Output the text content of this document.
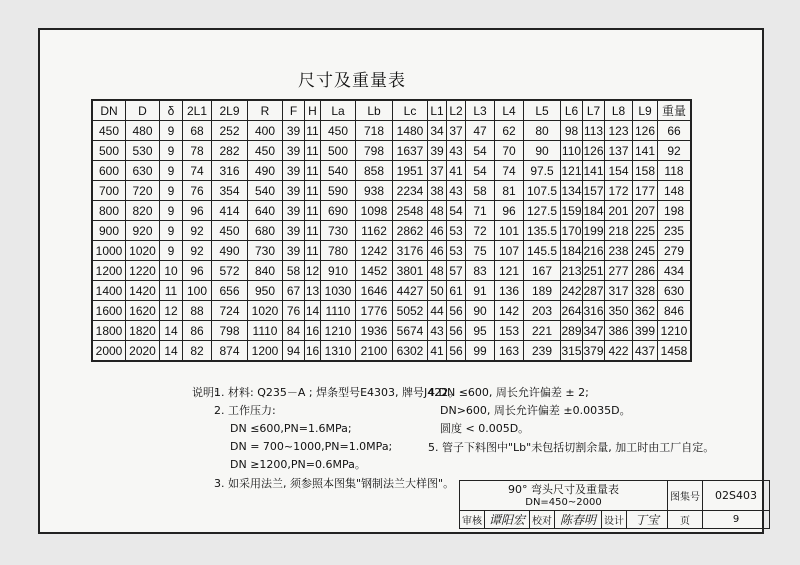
尺寸及重量表
DN	D	δ	2L1	2L9	R	F	H	La	Lb	Lc	L1	L2	L3	L4	L5	L6	L7	L8	L9	重量
450	480	9	68	252	400	39	11	450	718	1480	34	37	47	62	80	98	113	123	126	66
500	530	9	78	282	450	39	11	500	798	1637	39	43	54	70	90	110	126	137	141	92
600	630	9	74	316	490	39	11	540	858	1951	37	41	54	74	97.5	121	141	154	158	118
700	720	9	76	354	540	39	11	590	938	2234	38	43	58	81	107.5	134	157	172	177	148
800	820	9	96	414	640	39	11	690	1098	2548	48	54	71	96	127.5	159	184	201	207	198
900	920	9	92	450	680	39	11	730	1162	2862	46	53	72	101	135.5	170	199	218	225	235
1000	1020	9	92	490	730	39	11	780	1242	3176	46	53	75	107	145.5	184	216	238	245	279
1200	1220	10	96	572	840	58	12	910	1452	3801	48	57	83	121	167	213	251	277	286	434
1400	1420	11	100	656	950	67	13	1030	1646	4427	50	61	91	136	189	242	287	317	328	630
1600	1620	12	88	724	1020	76	14	1110	1776	5052	44	56	90	142	203	264	316	350	362	846
1800	1820	14	86	798	1110	84	16	1210	1936	5674	43	56	95	153	221	289	347	386	399	1210
2000	2020	14	82	874	1200	94	16	1310	2100	6302	41	56	99	163	239	315	379	422	437	1458
说明:
1. 材料: Q235－A ; 焊条型号E4303, 牌号J422。
2. 工作压力:
DN ≤600,PN=1.6MPa;
DN = 700~1000,PN=1.0MPa;
DN ≥1200,PN=0.6MPa。
3. 如采用法兰, 须参照本图集"钢制法兰大样图"。
4.DN ≤600, 周长允许偏差 ± 2;
DN>600, 周长允许偏差 ±0.0035D。
圆度 < 0.005D。
5. 管子下料图中"Lb"未包括切割余量, 加工时由工厂自定。
90° 弯头尺寸及重量表
DN=450~2000						图集号	02S403
审核	谭阳宏	校对	陈春明	设计	丁宝	页	9
